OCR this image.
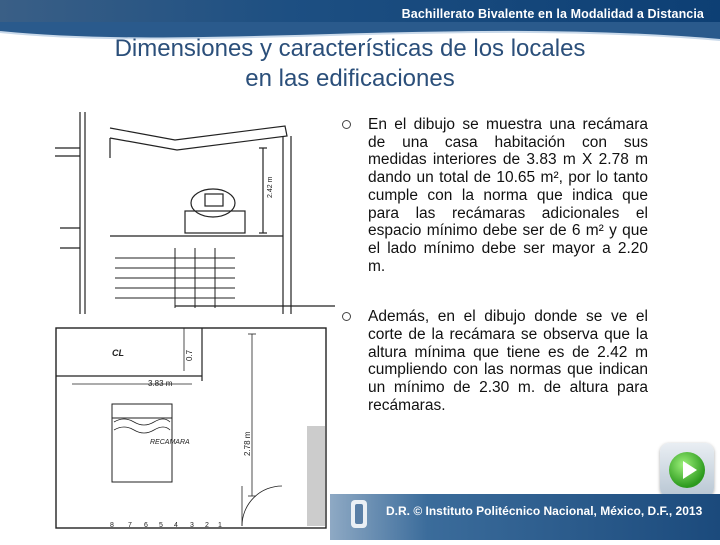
Bachillerato Bivalente en la Modalidad a Distancia
Dimensiones y características de los locales
en las edificaciones
2.42 m
CL	0.7
3.83 m
2.78 m
RECAMARA
8 7 6 5 4 3 2 1
En el dibujo se muestra una recámara de una casa habitación con sus medidas interiores de 3.83 m X 2.78 m dando un total de 10.65 m², por lo tanto cumple con la norma que indica que para las recámaras adicionales el espacio mínimo debe ser de 6 m² y que el lado mínimo debe ser mayor a 2.20 m.
Además, en el dibujo donde se ve el corte de la recámara se observa que la altura mínima que tiene es de 2.42 m cumpliendo con las normas que indican un mínimo de 2.30 m. de altura para recámaras.
D.R. © Instituto Politécnico Nacional, México, D.F., 2013
